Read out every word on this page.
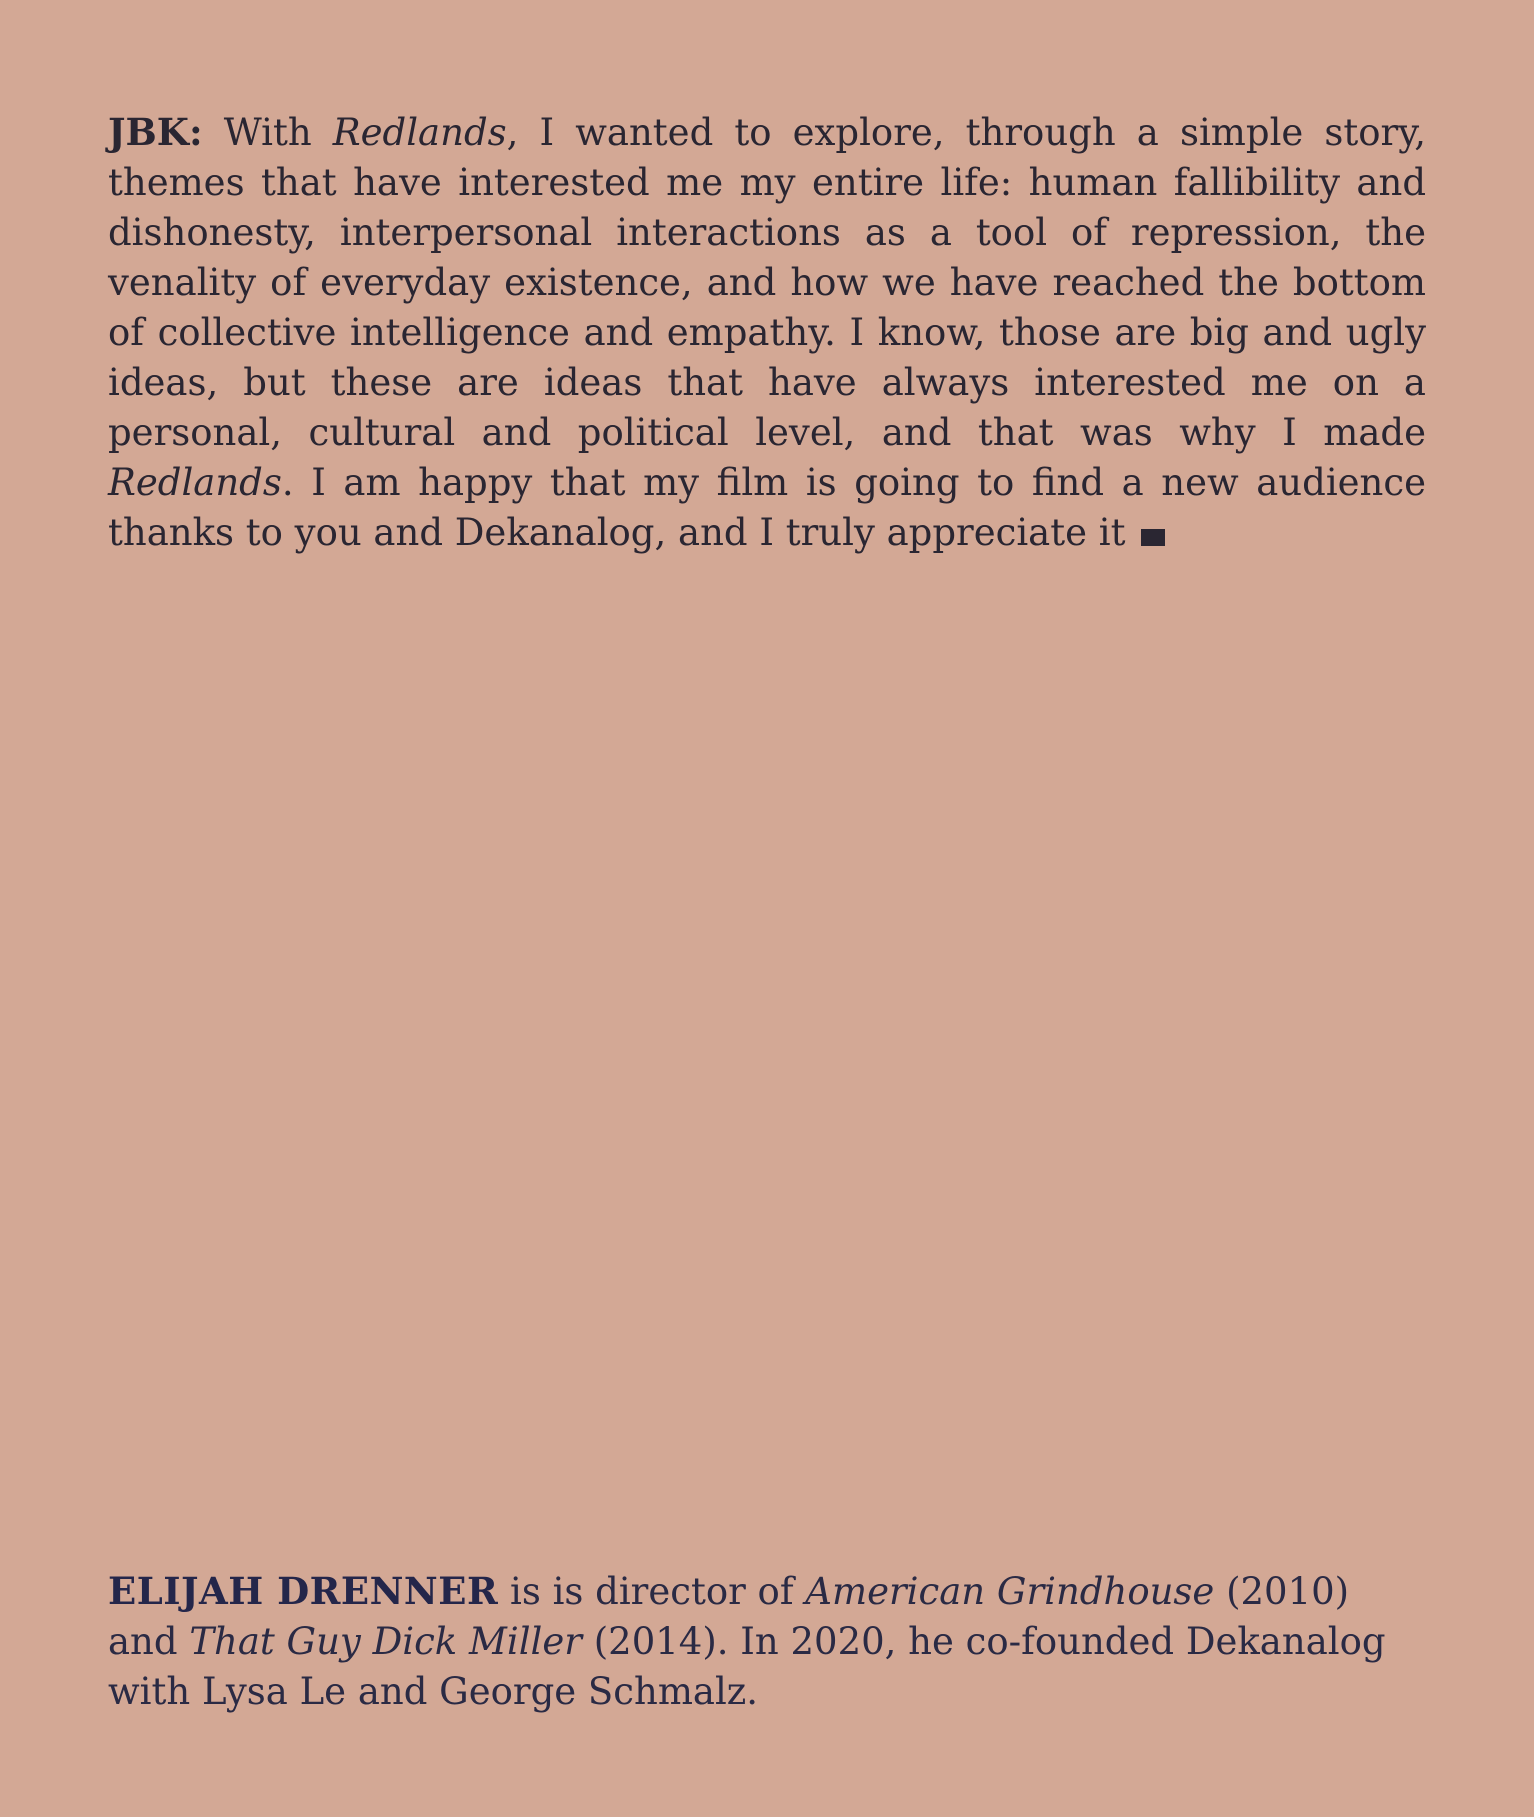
JBK: With Redlands, I wanted to explore, through a simple story, themes that have interested me my entire life: human fallibility and dishonesty, interpersonal interactions as a tool of repression, the venality of everyday existence, and how we have reached the bottom of collective intelligence and empathy. I know, those are big and ugly ideas, but these are ideas that have always interested me on a personal, cultural and political level, and that was why I made Redlands. I am happy that my film is going to find a new audience thanks to you and Dekanalog, and I truly appreciate it

ELIJAH DRENNER is is director of American Grindhouse (2010) and That Guy Dick Miller (2014). In 2020, he co-founded Dekanalog with Lysa Le and George Schmalz.
